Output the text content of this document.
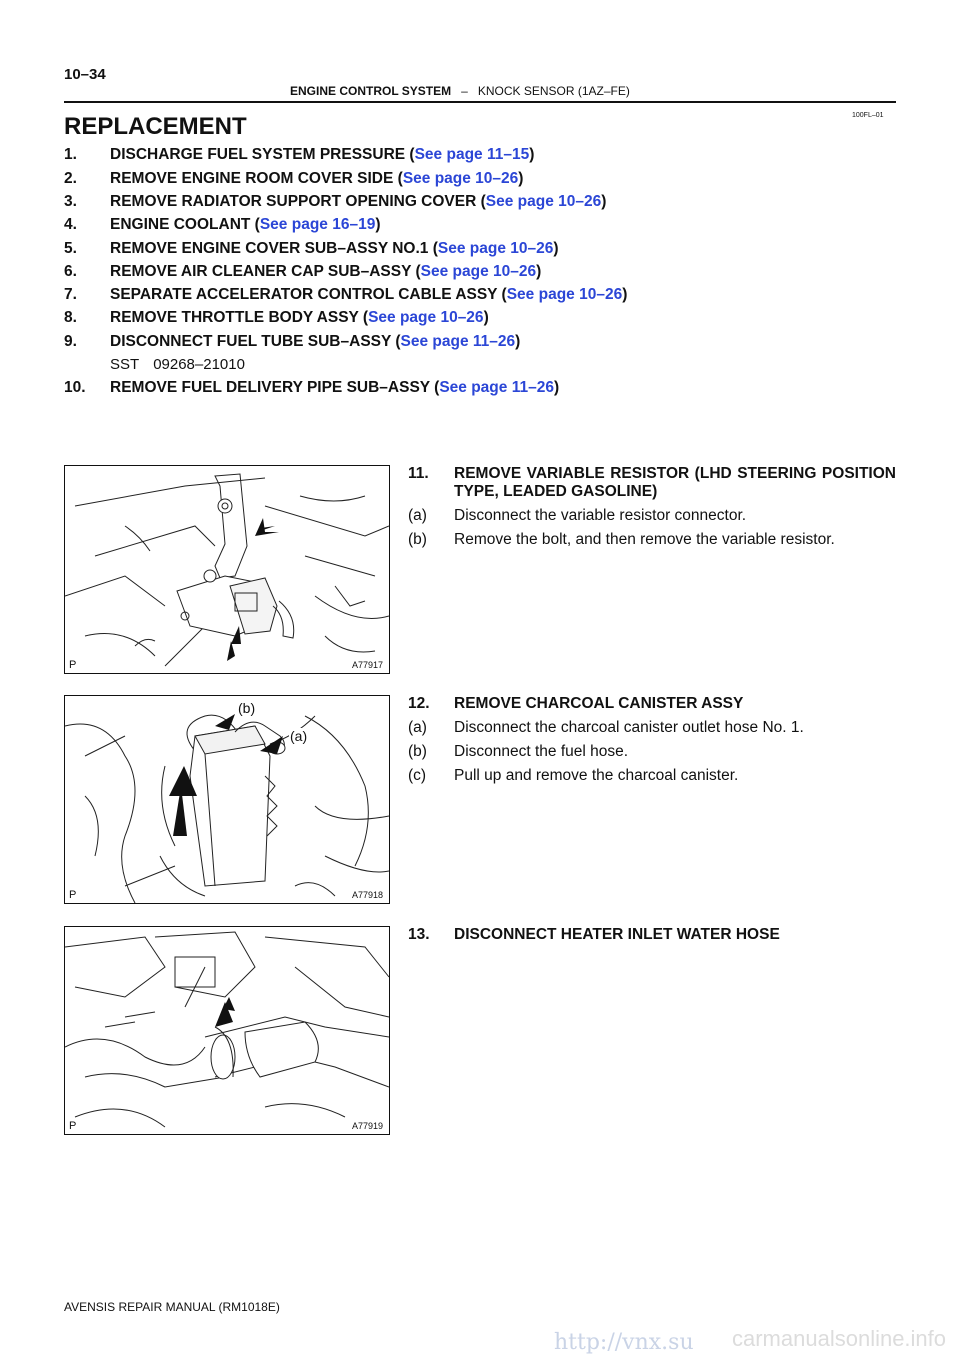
10–34
ENGINE CONTROL SYSTEM – KNOCK SENSOR (1AZ–FE)
100FL–01
REPLACEMENT
1. DISCHARGE FUEL SYSTEM PRESSURE (See page 11–15)
2. REMOVE ENGINE ROOM COVER SIDE (See page 10–26)
3. REMOVE RADIATOR SUPPORT OPENING COVER (See page 10–26)
4. ENGINE COOLANT (See page 16–19)
5. REMOVE ENGINE COVER SUB–ASSY NO.1 (See page 10–26)
6. REMOVE AIR CLEANER CAP SUB–ASSY (See page 10–26)
7. SEPARATE ACCELERATOR CONTROL CABLE ASSY (See page 10–26)
8. REMOVE THROTTLE BODY ASSY (See page 10–26)
9. DISCONNECT FUEL TUBE SUB–ASSY (See page 11–26)
SST 09268–21010
10. REMOVE FUEL DELIVERY PIPE SUB–ASSY (See page 11–26)
P	A77917
(b)
(a)
P	A77918
P	A77919
11.	REMOVE VARIABLE RESISTOR (LHD STEERING POSITION TYPE, LEADED GASOLINE)
(a)	Disconnect the variable resistor connector.
(b)	Remove the bolt, and then remove the variable resistor.
12.	REMOVE CHARCOAL CANISTER ASSY
(a)	Disconnect the charcoal canister outlet hose No. 1.
(b)	Disconnect the fuel hose.
(c)	Pull up and remove the charcoal canister.
13.	DISCONNECT HEATER INLET WATER HOSE
AVENSIS REPAIR MANUAL (RM1018E)
http://vnx.su carmanualsonline.info
